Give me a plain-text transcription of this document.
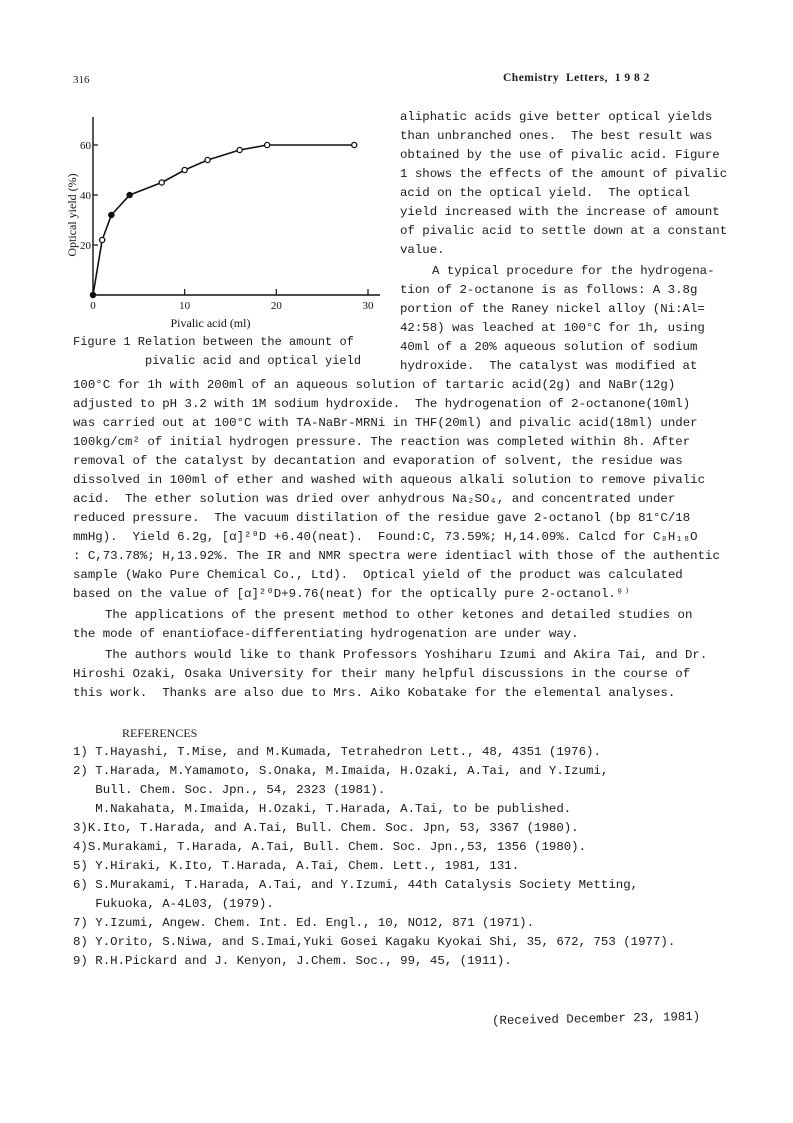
316	Chemistry  Letters,  1 9 8 2
0	10	20	30
20
40
60
Pivalic acid (ml)
Optical yield (%)
Figure 1 Relation between the amount of
pivalic acid and optical yield
aliphatic acids give better optical yields
than unbranched ones.  The best result was
obtained by the use of pivalic acid. Figure
1 shows the effects of the amount of pivalic
acid on the optical yield.  The optical
yield increased with the increase of amount
of pivalic acid to settle down at a constant
value.
A typical procedure for the hydrogena-
tion of 2-octanone is as follows: A 3.8g
portion of the Raney nickel alloy (Ni:Al=
42:58) was leached at 100°C for 1h, using
40ml of a 20% aqueous solution of sodium
hydroxide.  The catalyst was modified at
100°C for 1h with 200ml of an aqueous solution of tartaric acid(2g) and NaBr(12g)
adjusted to pH 3.2 with 1M sodium hydroxide.  The hydrogenation of 2-octanone(10ml)
was carried out at 100°C with TA-NaBr-MRNi in THF(20ml) and pivalic acid(18ml) under
100kg/cm² of initial hydrogen pressure. The reaction was completed within 8h. After
removal of the catalyst by decantation and evaporation of solvent, the residue was
dissolved in 100ml of ether and washed with aqueous alkali solution to remove pivalic
acid.  The ether solution was dried over anhydrous Na₂SO₄, and concentrated under
reduced pressure.  The vacuum distilation of the residue gave 2-octanol (bp 81°C/18
mmHg).  Yield 6.2g, [α]²⁰D +6.40(neat).  Found:C, 73.59%; H,14.09%. Calcd for C₈H₁₈O
: C,73.78%; H,13.92%. The IR and NMR spectra were identiacl with those of the authentic
sample (Wako Pure Chemical Co., Ltd).  Optical yield of the product was calculated
based on the value of [α]²⁰D+9.76(neat) for the optically pure 2-octanol.⁹⁾
The applications of the present method to other ketones and detailed studies on
the mode of enantioface-differentiating hydrogenation are under way.
The authors would like to thank Professors Yoshiharu Izumi and Akira Tai, and Dr.
Hiroshi Ozaki, Osaka University for their many helpful discussions in the course of
this work.  Thanks are also due to Mrs. Aiko Kobatake for the elemental analyses.
REFERENCES
1) T.Hayashi, T.Mise, and M.Kumada, Tetrahedron Lett., 48, 4351 (1976).
2) T.Harada, M.Yamamoto, S.Onaka, M.Imaida, H.Ozaki, A.Tai, and Y.Izumi,
Bull. Chem. Soc. Jpn., 54, 2323 (1981).
M.Nakahata, M.Imaida, H.Ozaki, T.Harada, A.Tai, to be published.
3)K.Ito, T.Harada, and A.Tai, Bull. Chem. Soc. Jpn, 53, 3367 (1980).
4)S.Murakami, T.Harada, A.Tai, Bull. Chem. Soc. Jpn.,53, 1356 (1980).
5) Y.Hiraki, K.Ito, T.Harada, A.Tai, Chem. Lett., 1981, 131.
6) S.Murakami, T.Harada, A.Tai, and Y.Izumi, 44th Catalysis Society Metting,
Fukuoka, A-4L03, (1979).
7) Y.Izumi, Angew. Chem. Int. Ed. Engl., 10, NO12, 871 (1971).
8) Y.Orito, S.Niwa, and S.Imai,Yuki Gosei Kagaku Kyokai Shi, 35, 672, 753 (1977).
9) R.H.Pickard and J. Kenyon, J.Chem. Soc., 99, 45, (1911).
(Received December 23, 1981)
